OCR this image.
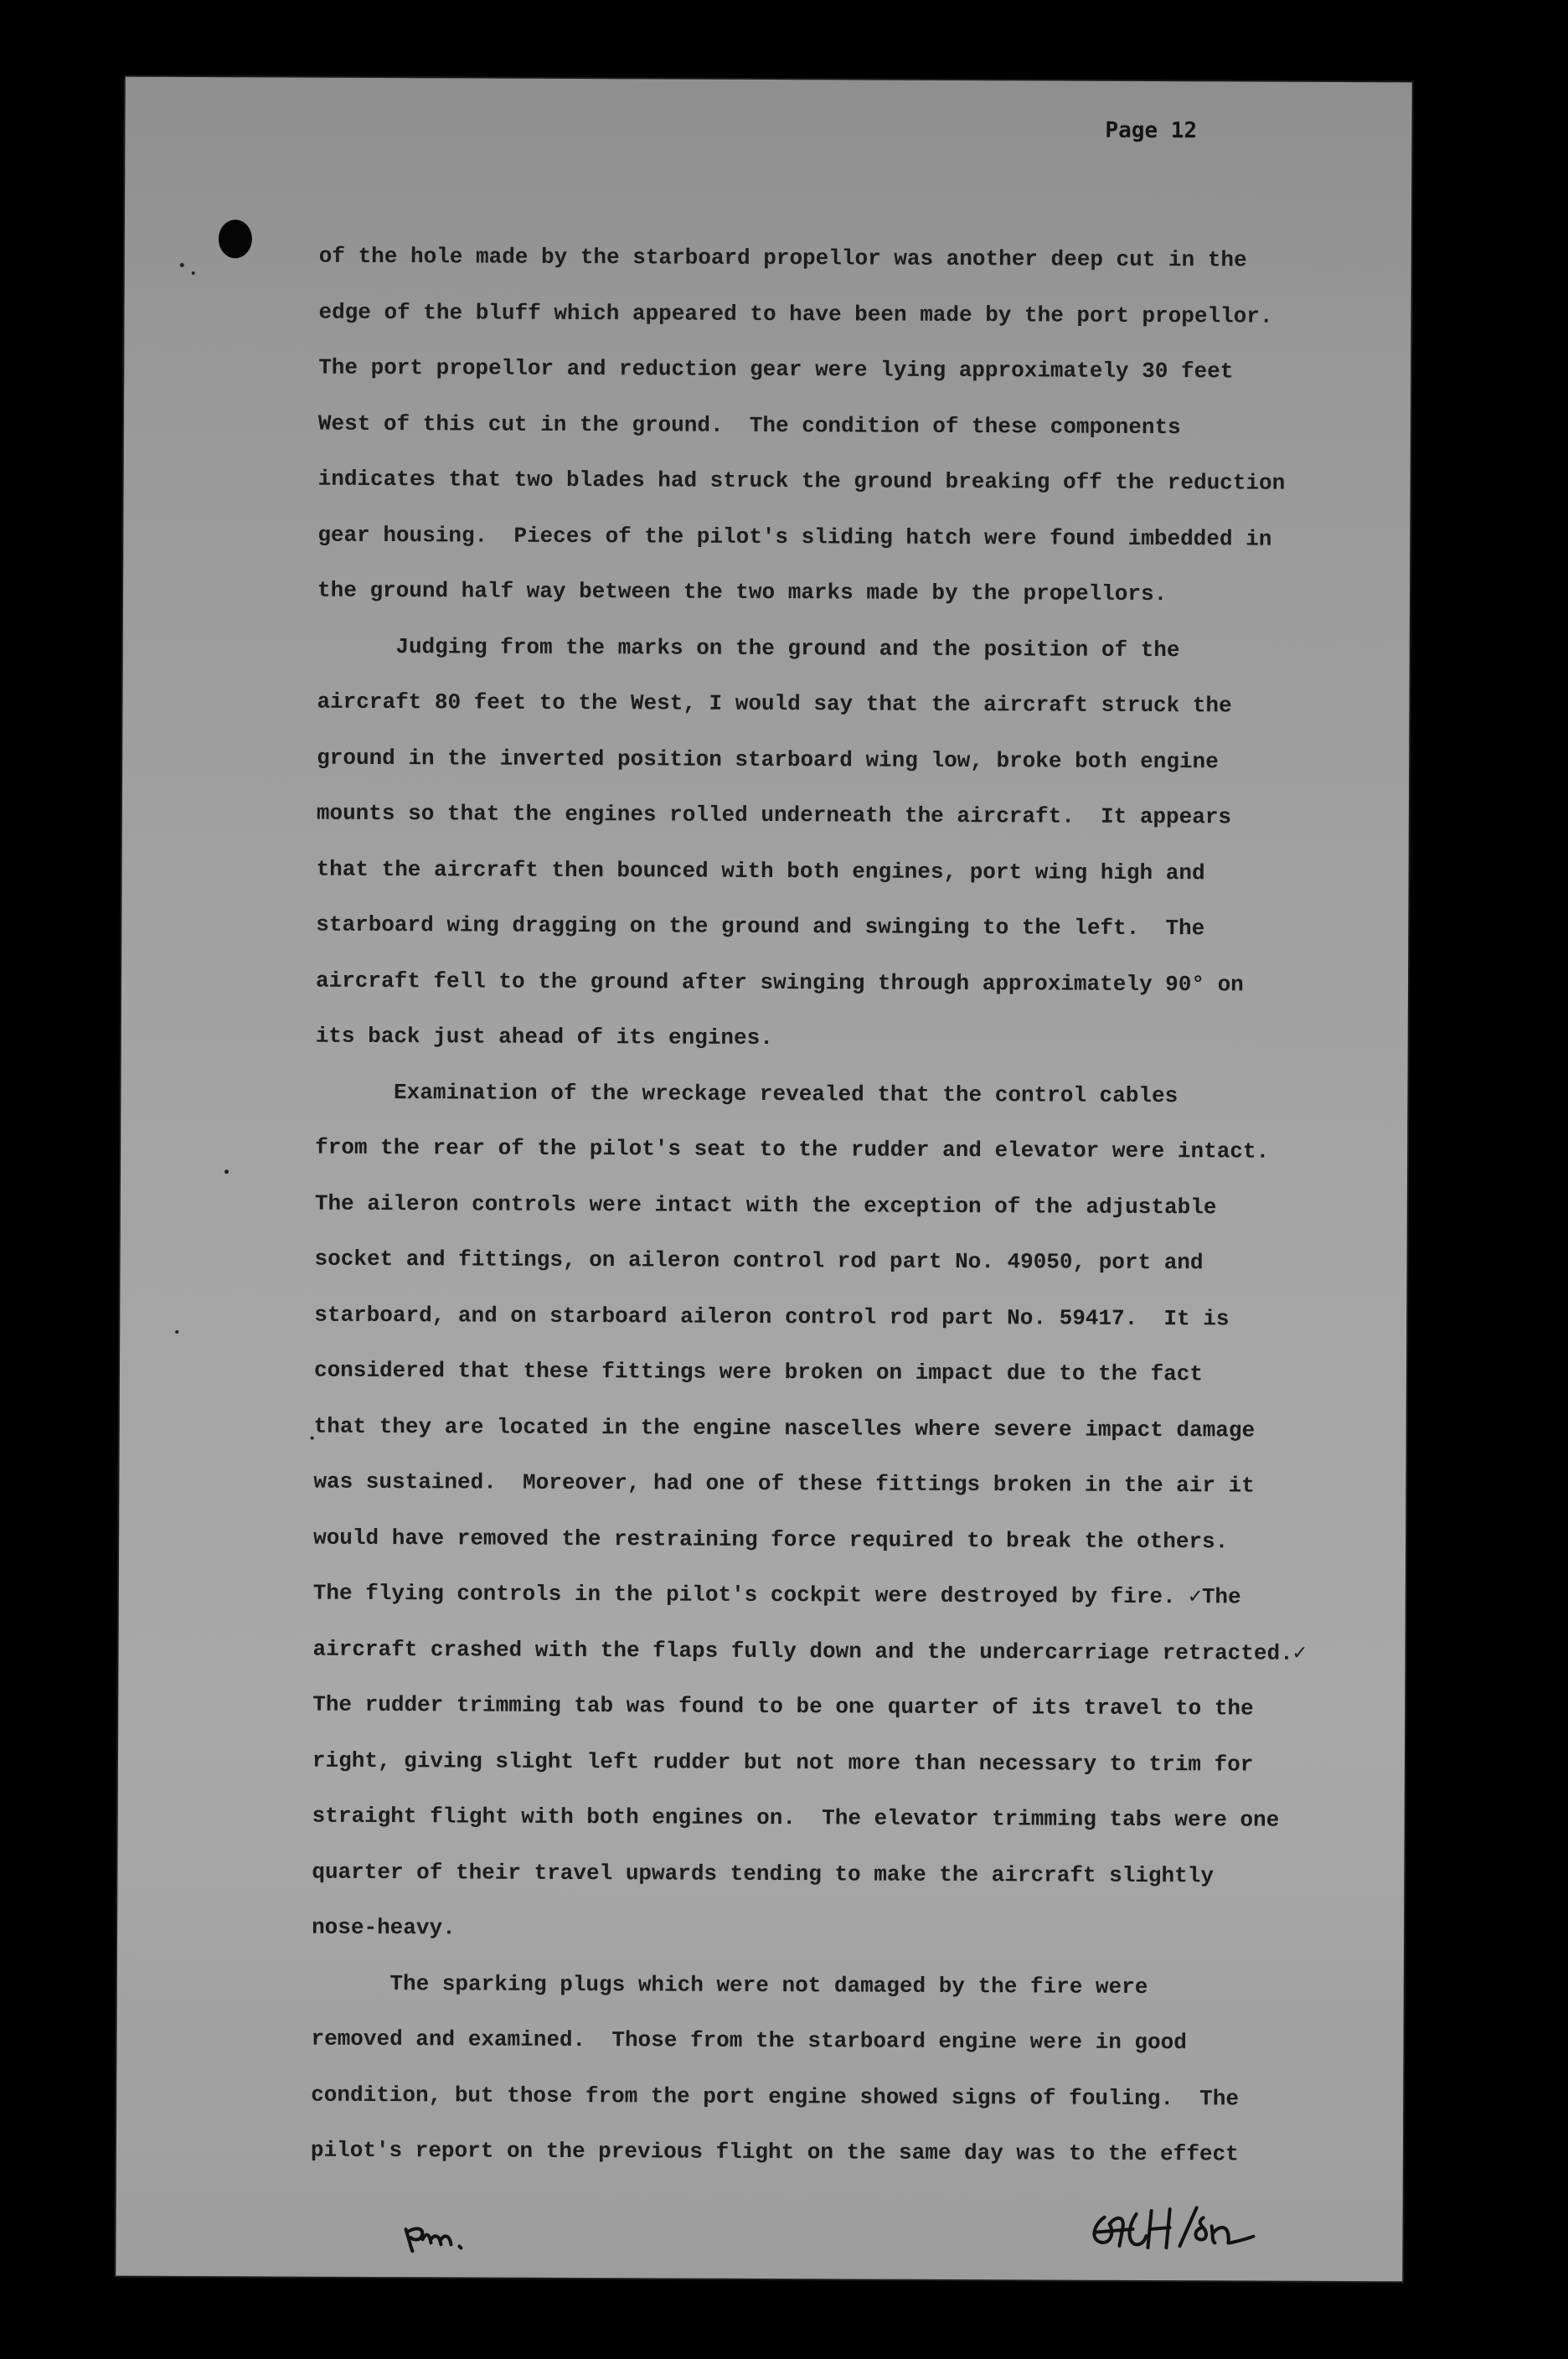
Page 12
of the hole made by the starboard propellor was another deep cut in the
edge of the bluff which appeared to have been made by the port propellor.
The port propellor and reduction gear were lying approximately 30 feet
West of this cut in the ground.  The condition of these components
indicates that two blades had struck the ground breaking off the reduction
gear housing.  Pieces of the pilot's sliding hatch were found imbedded in
the ground half way between the two marks made by the propellors.
Judging from the marks on the ground and the position of the
aircraft 80 feet to the West, I would say that the aircraft struck the
ground in the inverted position starboard wing low, broke both engine
mounts so that the engines rolled underneath the aircraft.  It appears
that the aircraft then bounced with both engines, port wing high and
starboard wing dragging on the ground and swinging to the left.  The
aircraft fell to the ground after swinging through approximately 90° on
its back just ahead of its engines.
Examination of the wreckage revealed that the control cables
from the rear of the pilot's seat to the rudder and elevator were intact.
The aileron controls were intact with the exception of the adjustable
socket and fittings, on aileron control rod part No. 49050, port and
starboard, and on starboard aileron control rod part No. 59417.  It is
considered that these fittings were broken on impact due to the fact
that they are located in the engine nascelles where severe impact damage
was sustained.  Moreover, had one of these fittings broken in the air it
would have removed the restraining force required to break the others.
The flying controls in the pilot's cockpit were destroyed by fire. ✓The
aircraft crashed with the flaps fully down and the undercarriage retracted.✓
The rudder trimming tab was found to be one quarter of its travel to the
right, giving slight left rudder but not more than necessary to trim for
straight flight with both engines on.  The elevator trimming tabs were one
quarter of their travel upwards tending to make the aircraft slightly
nose-heavy.
The sparking plugs which were not damaged by the fire were
removed and examined.  Those from the starboard engine were in good
condition, but those from the port engine showed signs of fouling.  The
pilot's report on the previous flight on the same day was to the effect
